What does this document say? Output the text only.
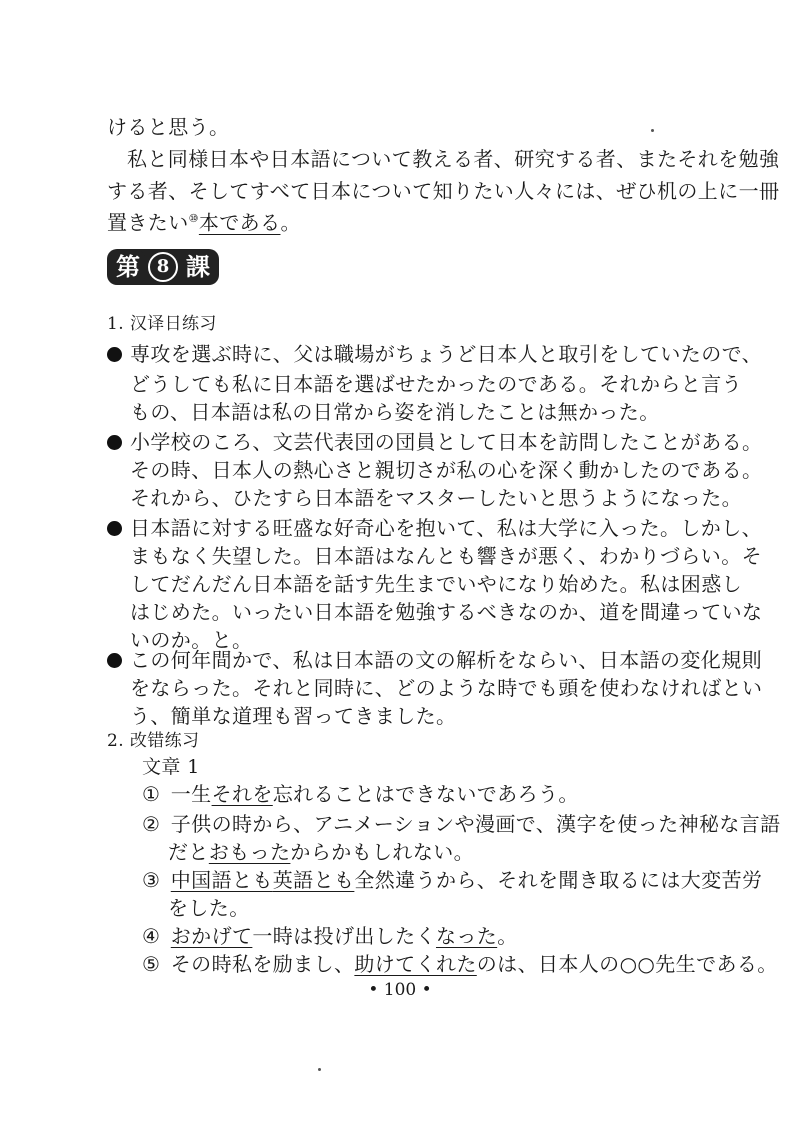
けると思う。
私と同様日本や日本語について教える者、研究する者、またそれを勉強
する者、そしてすべて日本について知りたい人々には、ぜひ机の上に一冊
置きたい⑩本である。
第 8 課
1. 汉译日练习
専攻を選ぶ時に、父は職場がちょうど日本人と取引をしていたので、
どうしても私に日本語を選ばせたかったのである。それからと言う
もの、日本語は私の日常から姿を消したことは無かった。
小学校のころ、文芸代表団の団員として日本を訪問したことがある。
その時、日本人の熱心さと親切さが私の心を深く動かしたのである。
それから、ひたすら日本語をマスターしたいと思うようになった。
日本語に対する旺盛な好奇心を抱いて、私は大学に入った。しかし、
まもなく失望した。日本語はなんとも響きが悪く、わかりづらい。そ
してだんだん日本語を話す先生までいやになり始めた。私は困惑し
はじめた。いったい日本語を勉強するべきなのか、道を間違っていな
いのか。と。
この何年間かで、私は日本語の文の解析をならい、日本語の変化規則
をならった。それと同時に、どのような時でも頭を使わなければとい
う、簡単な道理も習ってきました。
2. 改错练习
文章 1
① 一生それを忘れることはできないであろう。
② 子供の時から、アニメーションや漫画で、漢字を使った神秘な言語
だとおもったからかもしれない。
③ 中国語とも英語とも全然違うから、それを聞き取るには大変苦労
をした。
④ おかげて一時は投げ出したくなった。
⑤ その時私を励まし、助けてくれたのは、日本人の○○先生である。
• 100 •
